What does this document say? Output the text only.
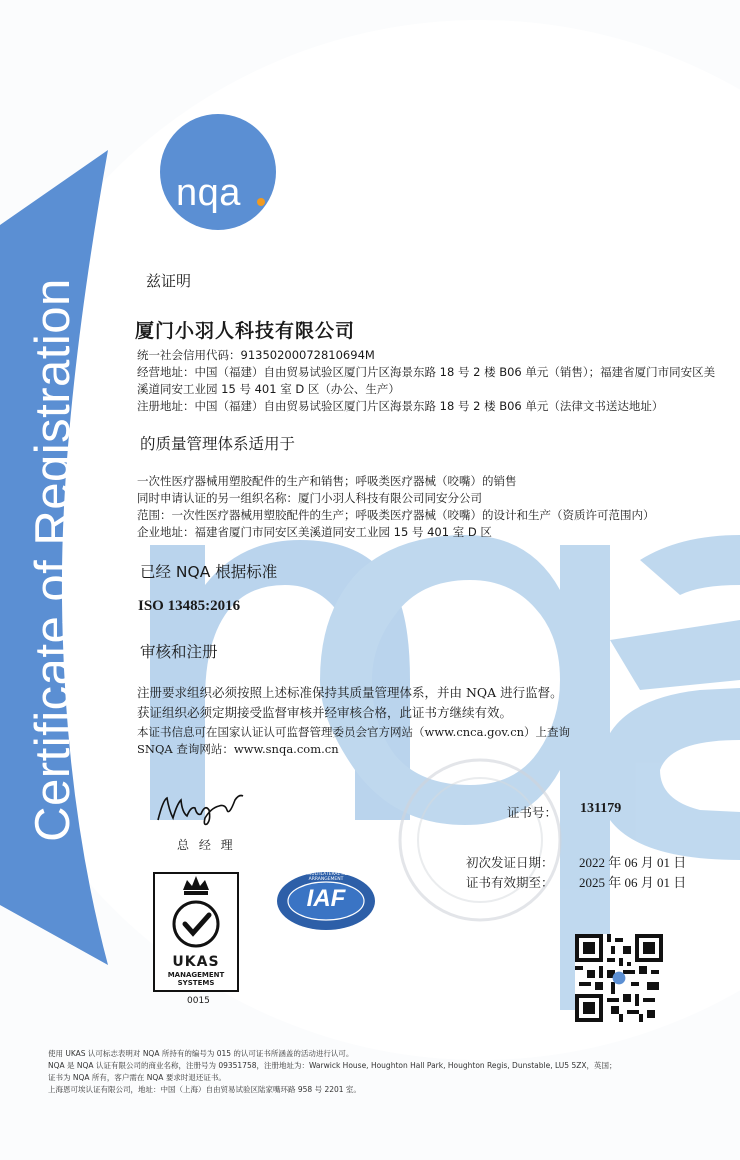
Certificate of Registration
nqa
兹证明
厦门小羽人科技有限公司
统一社会信用代码：91350200072810694M
经营地址：中国（福建）自由贸易试验区厦门片区海景东路 18 号 2 楼 B06 单元（销售）；福建省厦门市同安区美
溪道同安工业园 15 号 401 室 D 区（办公、生产）
注册地址：中国（福建）自由贸易试验区厦门片区海景东路 18 号 2 楼 B06 单元（法律文书送达地址）
的质量管理体系适用于
一次性医疗器械用塑胶配件的生产和销售；呼吸类医疗器械（咬嘴）的销售
同时申请认证的另一组织名称：厦门小羽人科技有限公司同安分公司
范围：一次性医疗器械用塑胶配件的生产；呼吸类医疗器械（咬嘴）的设计和生产（资质许可范围内）
企业地址：福建省厦门市同安区美溪道同安工业园 15 号 401 室 D 区
已经 NQA 根据标准
ISO 13485:2016
审核和注册
注册要求组织必须按照上述标准保持其质量管理体系，并由 NQA 进行监督。
获证组织必须定期接受监督审核并经审核合格，此证书方继续有效。
本证书信息可在国家认证认可监督管理委员会官方网站（www.cnca.gov.cn）上查询
SNQA 查询网站：www.snqa.com.cn
总 经 理
证书号： 131179
初次发证日期： 2022 年 06 月 01 日
证书有效期至： 2025 年 06 月 01 日
UKAS
MANAGEMENT
SYSTEMS
0015
IAF
MEMBER OF MULTILATERAL RECOGNITION ARRANGEMENT
使用 UKAS 认可标志表明对 NQA 所持有的编号为 015 的认可证书所涵盖的活动进行认可。
NQA 是 NQA 认证有限公司的商业名称，注册号为 09351758，注册地址为：Warwick House, Houghton Hall Park, Houghton Regis, Dunstable, LU5 5ZX，英国；
证书为 NQA 所有，客户需在 NQA 要求时退还证书。
上海恩可埃认证有限公司，地址：中国（上海）自由贸易试验区陆家嘴环路 958 号 2201 室。
